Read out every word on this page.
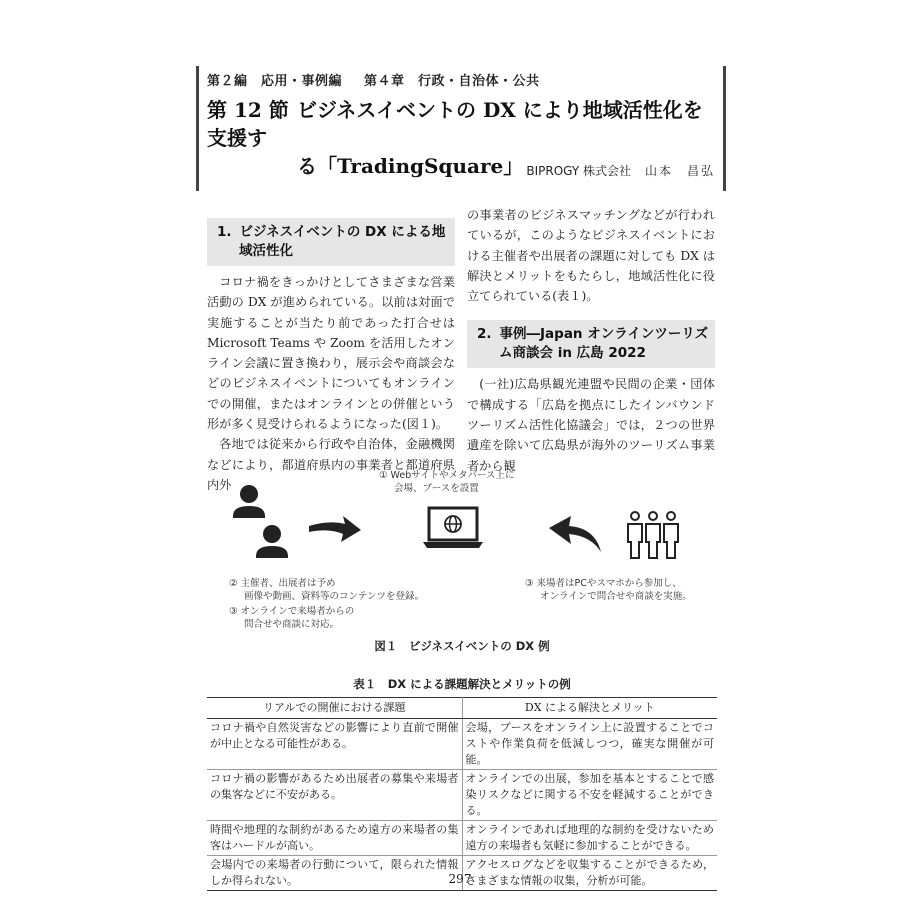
第２編　応用・事例編 第４章　行政・自治体・公共
第 12 節 ビジネスイベントの DX により地域活性化を支援す
る「TradingSquare」 BIPROGY 株式会社 山本　昌弘
1. ビジネスイベントの DX による地
域活性化

コロナ禍をきっかけとしてさまざまな営業活動の DX が進められている。以前は対面で実施することが当たり前であった打合せは Microsoft Teams や Zoom を活用したオンライン会議に置き換わり，展示会や商談会などのビジネスイベントについてもオンラインでの開催，またはオンラインとの併催という形が多く見受けられるようになった(図１)。

各地では従来から行政や自治体，金融機関などにより，都道府県内の事業者と都道府県内外

の事業者のビジネスマッチングなどが行われているが，このようなビジネスイベントにおける主催者や出展者の課題に対しても DX は解決とメリットをもたらし，地域活性化に役立てられている(表１)。

2. 事例―Japan オンラインツーリズ
ム商談会 in 広島 2022

(一社)広島県観光連盟や民間の企業・団体で構成する「広島を拠点にしたインバウンドツーリズム活性化協議会」では，２つの世界遺産を除いて広島県が海外のツーリズム事業者から観

① Webサイトやメタバース上に
会場、ブースを設置
② 主催者、出展者は予め
画像や動画、資料等のコンテンツを登録。
③ オンラインで来場者からの
問合せや商談に対応。
③ 来場者はPCやスマホから参加し、
オンラインで問合せや商談を実施。
図１　ビジネスイベントの DX 例
表１　DX による課題解決とメリットの例
リアルでの開催における課題	DX による解決とメリット
コロナ禍や自然災害などの影響により直前で開催が中止となる可能性がある。	会場，ブースをオンライン上に設置することでコストや作業負荷を低減しつつ，確実な開催が可能。
コロナ禍の影響があるため出展者の募集や来場者の集客などに不安がある。	オンラインでの出展，参加を基本とすることで感染リスクなどに関する不安を軽減することができる。
時間や地理的な制約があるため遠方の来場者の集客はハードルが高い。	オンラインであれば地理的な制約を受けないため遠方の来場者も気軽に参加することができる。
会場内での来場者の行動について，限られた情報しか得られない。	アクセスログなどを収集することができるため，さまざまな情報の収集，分析が可能。
297
